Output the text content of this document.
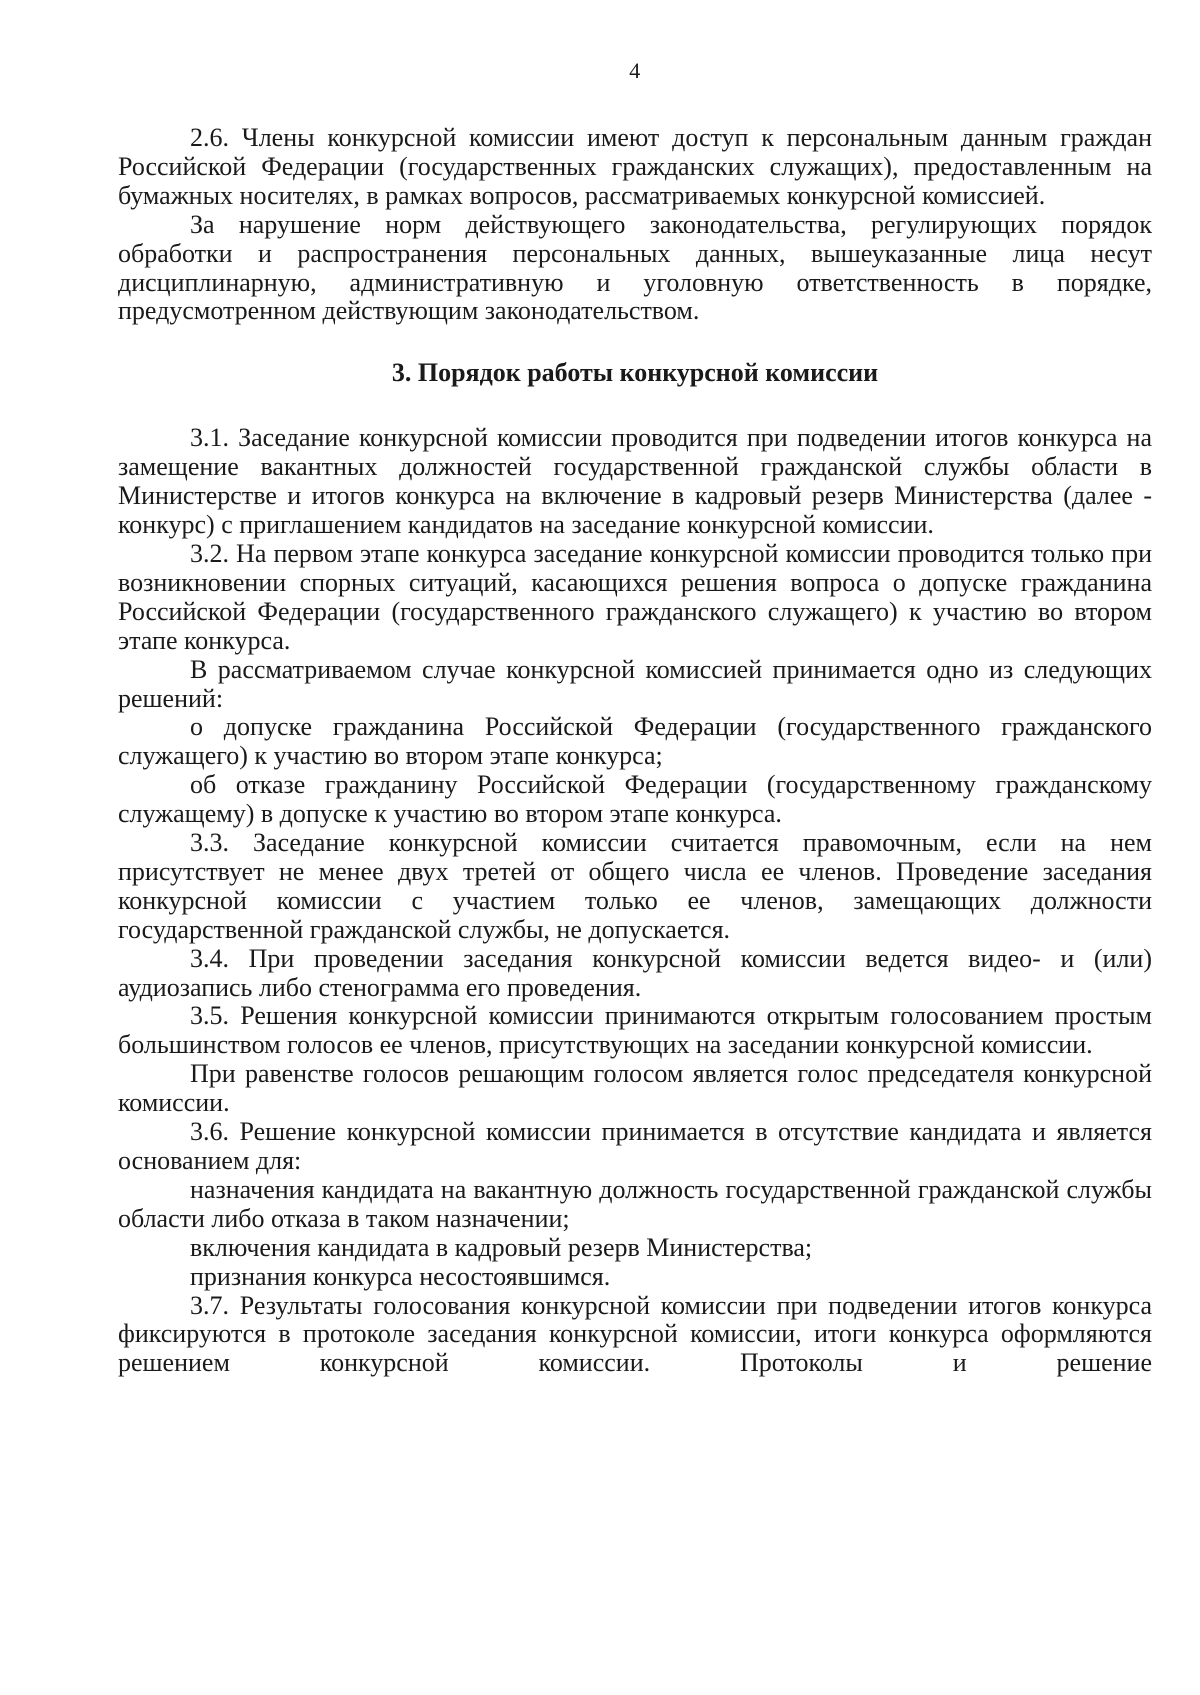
4

2.6. Члены конкурсной комиссии имеют доступ к персональным данным граждан Российской Федерации (государственных гражданских служащих), предоставленным на бумажных носителях, в рамках вопросов, рассматриваемых конкурсной комиссией.

За нарушение норм действующего законодательства, регулирующих порядок обработки и распространения персональных данных, вышеуказанные лица несут дисциплинарную, административную и уголовную ответственность в порядке, предусмотренном действующим законодательством.

3. Порядок работы конкурсной комиссии

3.1. Заседание конкурсной комиссии проводится при подведении итогов конкурса на замещение вакантных должностей государственной гражданской службы области в Министерстве и итогов конкурса на включение в кадровый резерв Министерства (далее - конкурс) с приглашением кандидатов на заседание конкурсной комиссии.

3.2. На первом этапе конкурса заседание конкурсной комиссии проводится только при возникновении спорных ситуаций, касающихся решения вопроса о допуске гражданина Российской Федерации (государственного гражданского служащего) к участию во втором этапе конкурса.

В рассматриваемом случае конкурсной комиссией принимается одно из следующих решений:

о допуске гражданина Российской Федерации (государственного гражданского служащего) к участию во втором этапе конкурса;

об отказе гражданину Российской Федерации (государственному гражданскому служащему) в допуске к участию во втором этапе конкурса.

3.3. Заседание конкурсной комиссии считается правомочным, если на нем присутствует не менее двух третей от общего числа ее членов. Проведение заседания конкурсной комиссии с участием только ее членов, замещающих должности государственной гражданской службы, не допускается.

3.4. При проведении заседания конкурсной комиссии ведется видео- и (или) аудиозапись либо стенограмма его проведения.

3.5. Решения конкурсной комиссии принимаются открытым голосованием простым большинством голосов ее членов, присутствующих на заседании конкурсной комиссии.

При равенстве голосов решающим голосом является голос председателя конкурсной комиссии.

3.6. Решение конкурсной комиссии принимается в отсутствие кандидата и является основанием для:

назначения кандидата на вакантную должность государственной гражданской службы области либо отказа в таком назначении;

включения кандидата в кадровый резерв Министерства;

признания конкурса несостоявшимся.

3.7. Результаты голосования конкурсной комиссии при подведении итогов конкурса фиксируются в протоколе заседания конкурсной комиссии, итоги конкурса оформляются решением конкурсной комиссии. Протоколы и решение
